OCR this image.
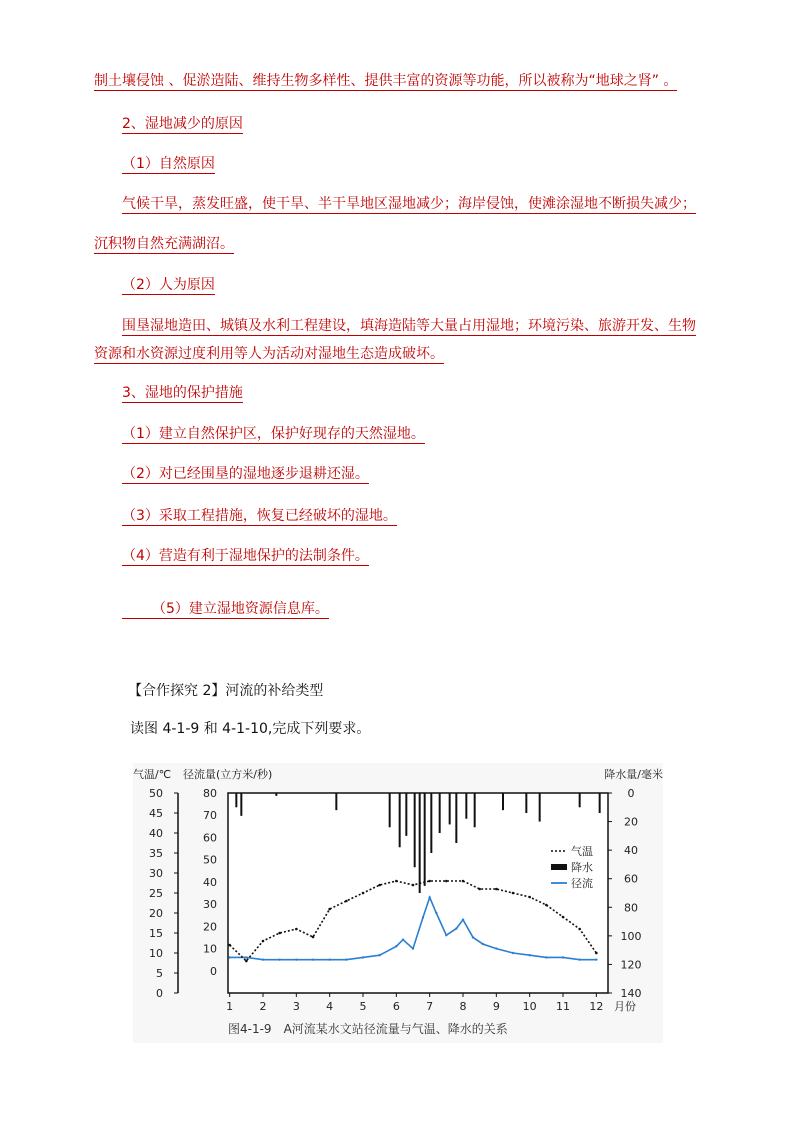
制土壤侵蚀 、促淤造陆、维持生物多样性、提供丰富的资源等功能，所以被称为“地球之肾” 。
2、湿地减少的原因
（1）自然原因
气候干旱，蒸发旺盛，使干旱、半干旱地区湿地减少；海岸侵蚀，使滩涂湿地不断损失减少；
沉积物自然充满湖沼。
（2）人为原因
围垦湿地造田、城镇及水利工程建设，填海造陆等大量占用湿地；环境污染、旅游开发、生物
资源和水资源过度利用等人为活动对湿地生态造成破坏。
3、湿地的保护措施
（1）建立自然保护区，保护好现存的天然湿地。
（2）对已经围垦的湿地逐步退耕还湿。
（3）采取工程措施，恢复已经破坏的湿地。
（4）营造有利于湿地保护的法制条件。
（5）建立湿地资源信息库。
【合作探究 2】河流的补给类型
读图 4-1-9 和 4-1-10,完成下列要求。
气温/℃ 径流量(立方米/秒)	降水量/毫米
0
5
10
15
20
25
30
35
40
45
50
0
10
20
30
40
50
60
70
80	0
20
40
60
80
100
120
140
1 2 3 4 5 6 7 8 9 10 11 12 月份
气温
降水
径流
图4-1-9　A河流某水文站径流量与气温、降水的关系
